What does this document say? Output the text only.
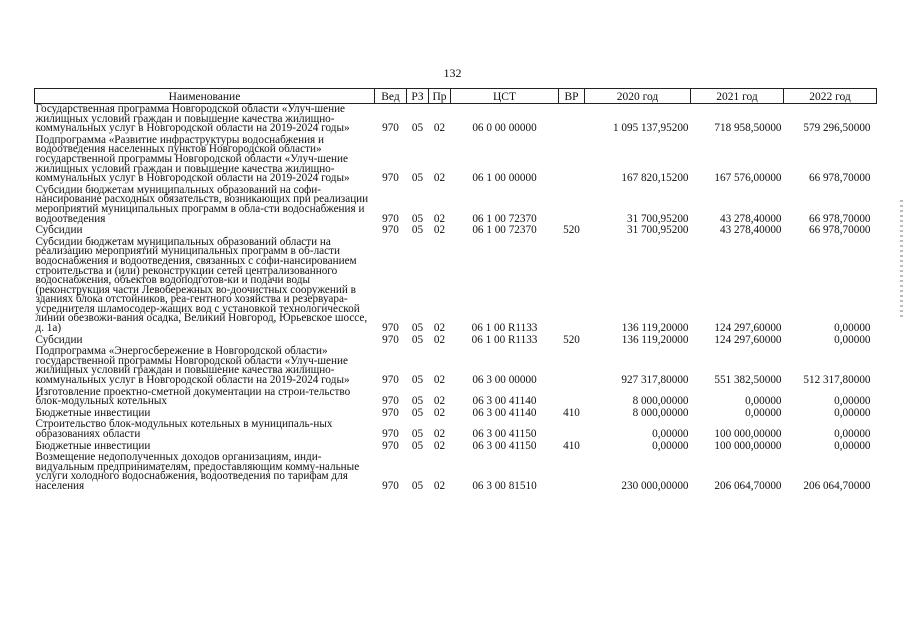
132
Наименование	Вед	РЗ	Пр	ЦСТ	ВР	2020 год	2021 год	2022 год
Государственная программа Новгородской области «Улуч-шение жилищных условий граждан и повышение качества жилищно-коммунальных услуг в Новгородской области на 2019-2024 годы»	970	05	02	06 0 00 00000		1 095 137,95200	718 958,50000	579 296,50000
Подпрограмма «Развитие инфраструктуры водоснабжения и водоотведения населенных пунктов Новгородской области» государственной программы Новгородской области «Улуч-шение жилищных условий граждан и повышение качества жилищно-коммунальных услуг в Новгородской области на 2019-2024 годы»	970	05	02	06 1 00 00000		167 820,15200	167 576,00000	66 978,70000
Субсидии бюджетам муниципальных образований на софи-нансирование расходных обязательств, возникающих при реализации мероприятий муниципальных программ в обла-сти водоснабжения и водоотведения	970	05	02	06 1 00 72370		31 700,95200	43 278,40000	66 978,70000
Субсидии	970	05	02	06 1 00 72370	520	31 700,95200	43 278,40000	66 978,70000
Субсидии бюджетам муниципальных образований области на реализацию мероприятий муниципальных программ в об-ласти водоснабжения и водоотведения, связанных с софи-нансированием строительства и (или) реконструкции сетей централизованного водоснабжения, объектов водоподготов-ки и подачи воды (реконструкция части Левобережных во-доочистных сооружений в зданиях блока отстойников, реа-гентного хозяйства и резервуара-усреднителя шламосодер-жащих вод с установкой технологической линии обезвожи-вания осадка, Великий Новгород, Юрьевское шоссе, д. 1а)	970	05	02	06 1 00 R1133		136 119,20000	124 297,60000	0,00000
Субсидии	970	05	02	06 1 00 R1133	520	136 119,20000	124 297,60000	0,00000
Подпрограмма «Энергосбережение в Новгородской области» государственной программы Новгородской области «Улуч-шение жилищных условий граждан и повышение качества жилищно-коммунальных услуг в Новгородской области на 2019-2024 годы»	970	05	02	06 3 00 00000		927 317,80000	551 382,50000	512 317,80000
Изготовление проектно-сметной документации на строи-тельство блок-модульных котельных	970	05	02	06 3 00 41140		8 000,00000	0,00000	0,00000
Бюджетные инвестиции	970	05	02	06 3 00 41140	410	8 000,00000	0,00000	0,00000
Строительство блок-модульных котельных в муниципаль-ных образованиях области	970	05	02	06 3 00 41150		0,00000	100 000,00000	0,00000
Бюджетные инвестиции	970	05	02	06 3 00 41150	410	0,00000	100 000,00000	0,00000
Возмещение недополученных доходов организациям, инди-видуальным предпринимателям, предоставляющим комму-нальные услуги холодного водоснабжения, водоотведения по тарифам для населения	970	05	02	06 3 00 81510		230 000,00000	206 064,70000	206 064,70000
